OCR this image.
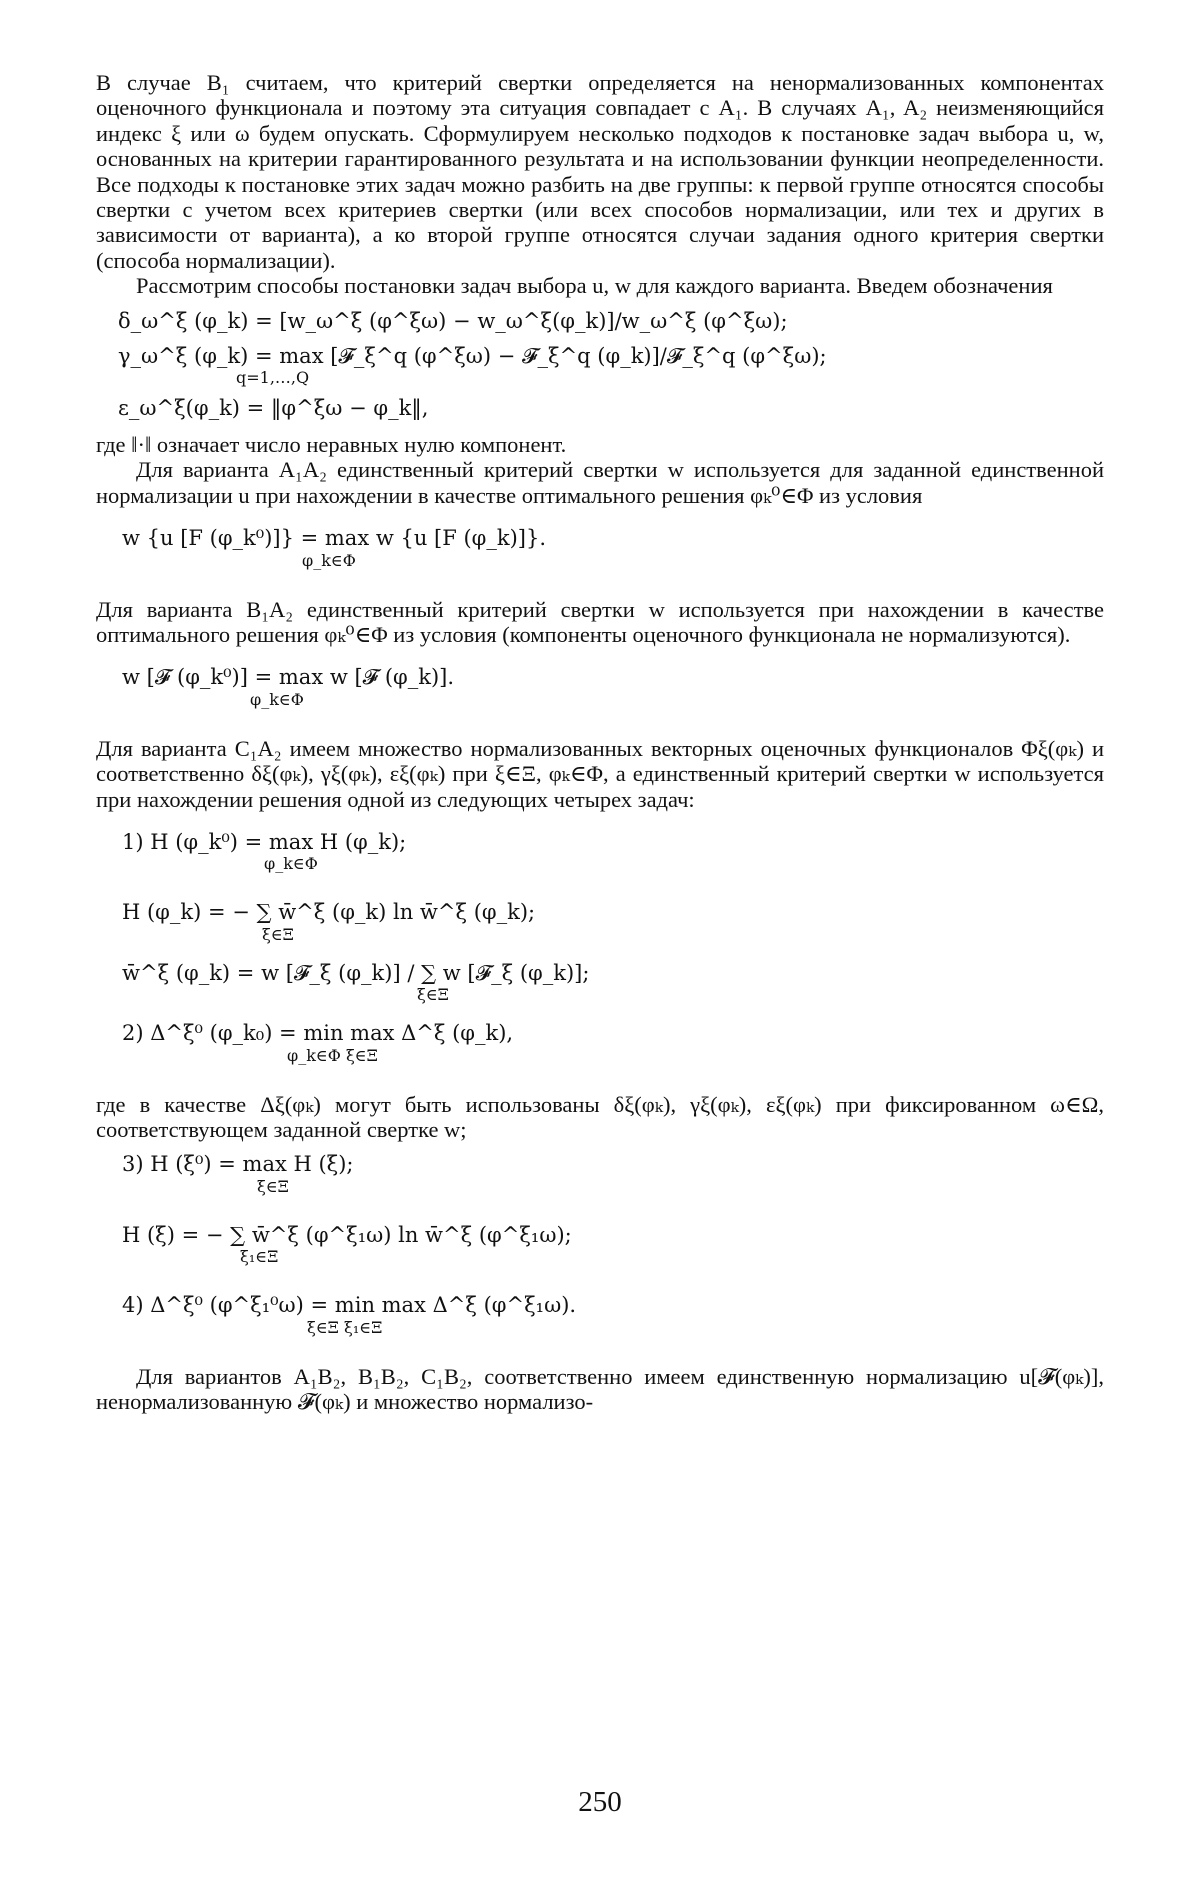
В случае B₁ считаем, что критерий свертки определяется на ненормализованных компонентах оценочного функционала и поэтому эта ситуация совпадает с A₁. В случаях A₁, A₂ неизменяющийся индекс ξ или ω будем опускать. Сформулируем несколько подходов к постановке задач выбора u, w, основанных на критерии гарантированного результата и на использовании функции неопределенности. Все подходы к постановке этих задач можно разбить на две группы: к первой группе относятся способы свертки с учетом всех критериев свертки (или всех способов нормализации, или тех и других в зависимости от варианта), а ко второй группе относятся случаи задания одного критерия свертки (способа нормализации).

Рассмотрим способы постановки задач выбора u, w для каждого варианта. Введем обозначения

δ_ω^ξ (φ_k) = [w_ω^ξ (φ^ξω) − w_ω^ξ(φ_k)]/w_ω^ξ (φ^ξω);
γ_ω^ξ (φ_k) = max [𝓕_ξ^q (φ^ξω) − 𝓕_ξ^q (φ_k)]/𝓕_ξ^q (φ^ξω);
q=1,…,Q
ε_ω^ξ(φ_k) = ‖φ^ξω − φ_k‖,

где ‖·‖ означает число неравных нулю компонент.

Для варианта A₁A₂ единственный критерий свертки w используется для заданной единственной нормализации u при нахождении в качестве оптимального решения φₖ⁰∈Φ из условия

w {u [F (φ_k⁰)]} = max w {u [F (φ_k)]}.
φ_k∈Φ

Для варианта B₁A₂ единственный критерий свертки w используется при нахождении в качестве оптимального решения φₖ⁰∈Φ из условия (компоненты оценочного функционала не нормализуются).

w [𝓕 (φ_k⁰)] = max w [𝓕 (φ_k)].
φ_k∈Φ

Для варианта C₁A₂ имеем множество нормализованных векторных оценочных функционалов Φξ(φₖ) и соответственно δξ(φₖ), γξ(φₖ), εξ(φₖ) при ξ∈Ξ, φₖ∈Φ, а единственный критерий свертки w используется при нахождении решения одной из следующих четырех задач:

1) H (φ_k⁰) = max H (φ_k);
φ_k∈Φ
H (φ_k) = − ∑ w̄^ξ (φ_k) ln w̄^ξ (φ_k);
ξ∈Ξ
w̄^ξ (φ_k) = w [𝓕_ξ (φ_k)] / ∑ w [𝓕_ξ (φ_k)];
ξ∈Ξ
2) Δ^ξ⁰ (φ_k₀) = min max Δ^ξ (φ_k),
φ_k∈Φ ξ∈Ξ

где в качестве Δξ(φₖ) могут быть использованы δξ(φₖ), γξ(φₖ), εξ(φₖ) при фиксированном ω∈Ω, соответствующем заданной свертке w;

3) H (ξ⁰) = max H (ξ);
ξ∈Ξ
H (ξ) = − ∑ w̄^ξ (φ^ξ₁ω) ln w̄^ξ (φ^ξ₁ω);
ξ₁∈Ξ
4) Δ^ξ⁰ (φ^ξ₁⁰ω) = min max Δ^ξ (φ^ξ₁ω).
ξ∈Ξ ξ₁∈Ξ

Для вариантов A₁B₂, B₁B₂, C₁B₂, соответственно имеем единственную нормализацию u[𝓕(φₖ)], ненормализованную 𝓕(φₖ) и множество нормализо-

250
